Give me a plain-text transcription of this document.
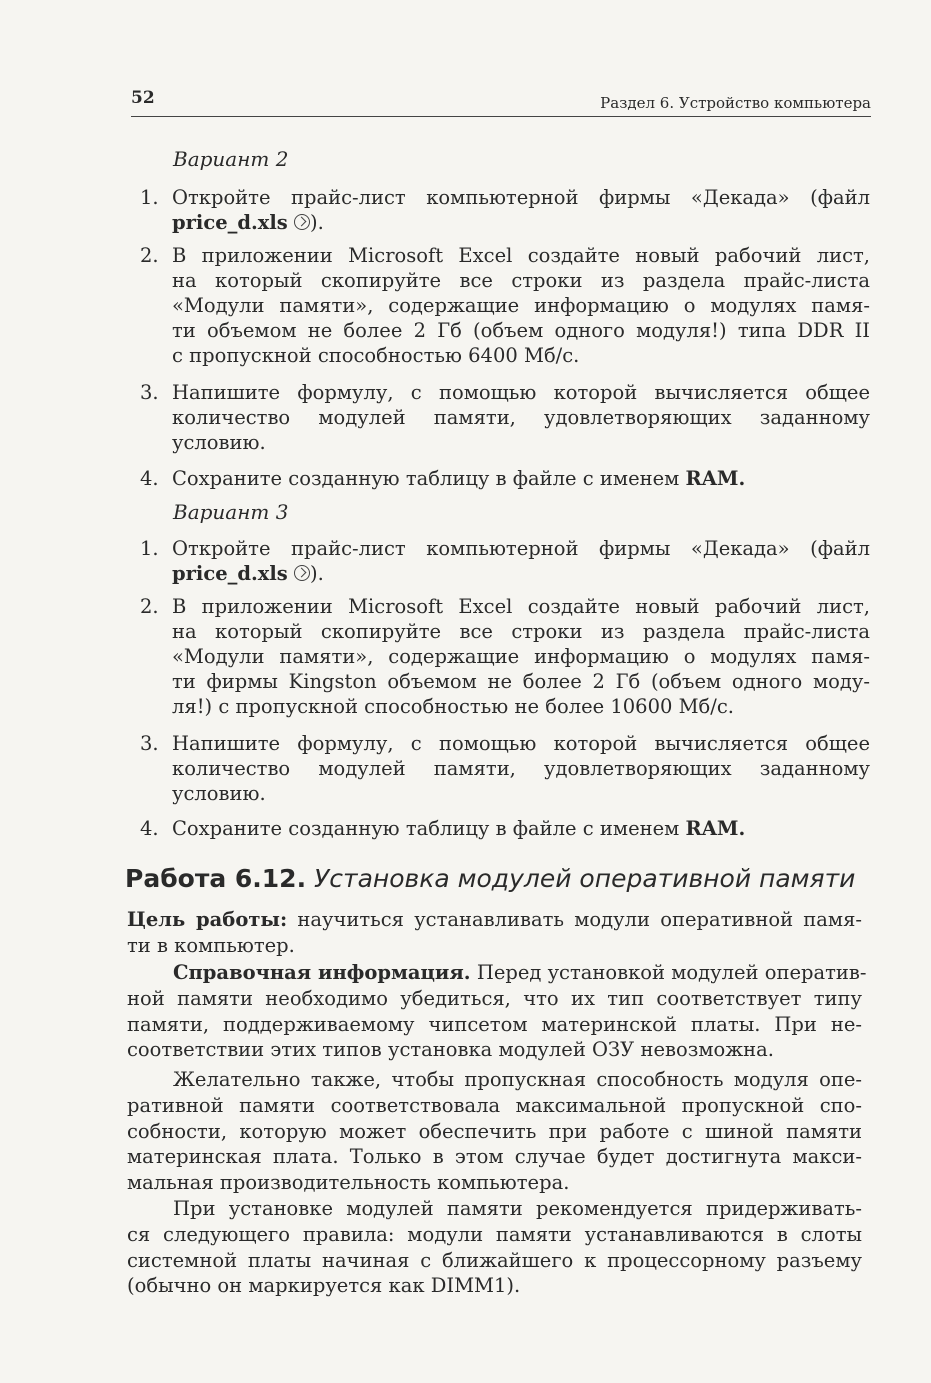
52	Раздел 6. Устройство компьютера
Вариант 2
1. Откройте прайс-лист компьютерной фирмы «Декада» (файл
price_d.xls ).
2. В приложении Microsoft Excel создайте новый рабочий лист,
на который скопируйте все строки из раздела прайс-листа
«Модули памяти», содержащие информацию о модулях памя-
ти объемом не более 2 Гб (объем одного модуля!) типа DDR II
с пропускной способностью 6400 Мб/с.
3. Напишите формулу, с помощью которой вычисляется общее
количество модулей памяти, удовлетворяющих заданному
условию.
4. Сохраните созданную таблицу в файле с именем RAM.
Вариант 3
1. Откройте прайс-лист компьютерной фирмы «Декада» (файл
price_d.xls ).
2. В приложении Microsoft Excel создайте новый рабочий лист,
на который скопируйте все строки из раздела прайс-листа
«Модули памяти», содержащие информацию о модулях памя-
ти фирмы Kingston объемом не более 2 Гб (объем одного моду-
ля!) с пропускной способностью не более 10600 Мб/с.
3. Напишите формулу, с помощью которой вычисляется общее
количество модулей памяти, удовлетворяющих заданному
условию.
4. Сохраните созданную таблицу в файле с именем RAM.
Работа 6.12. Установка модулей оперативной памяти
Цель работы: научиться устанавливать модули оперативной памя-
ти в компьютер.
Справочная информация. Перед установкой модулей оператив-
ной памяти необходимо убедиться, что их тип соответствует типу
памяти, поддерживаемому чипсетом материнской платы. При не-
соответствии этих типов установка модулей ОЗУ невозможна.
Желательно также, чтобы пропускная способность модуля опе-
ративной памяти соответствовала максимальной пропускной спо-
собности, которую может обеспечить при работе с шиной памяти
материнская плата. Только в этом случае будет достигнута макси-
мальная производительность компьютера.
При установке модулей памяти рекомендуется придерживать-
ся следующего правила: модули памяти устанавливаются в слоты
системной платы начиная с ближайшего к процессорному разъему
(обычно он маркируется как DIMM1).
